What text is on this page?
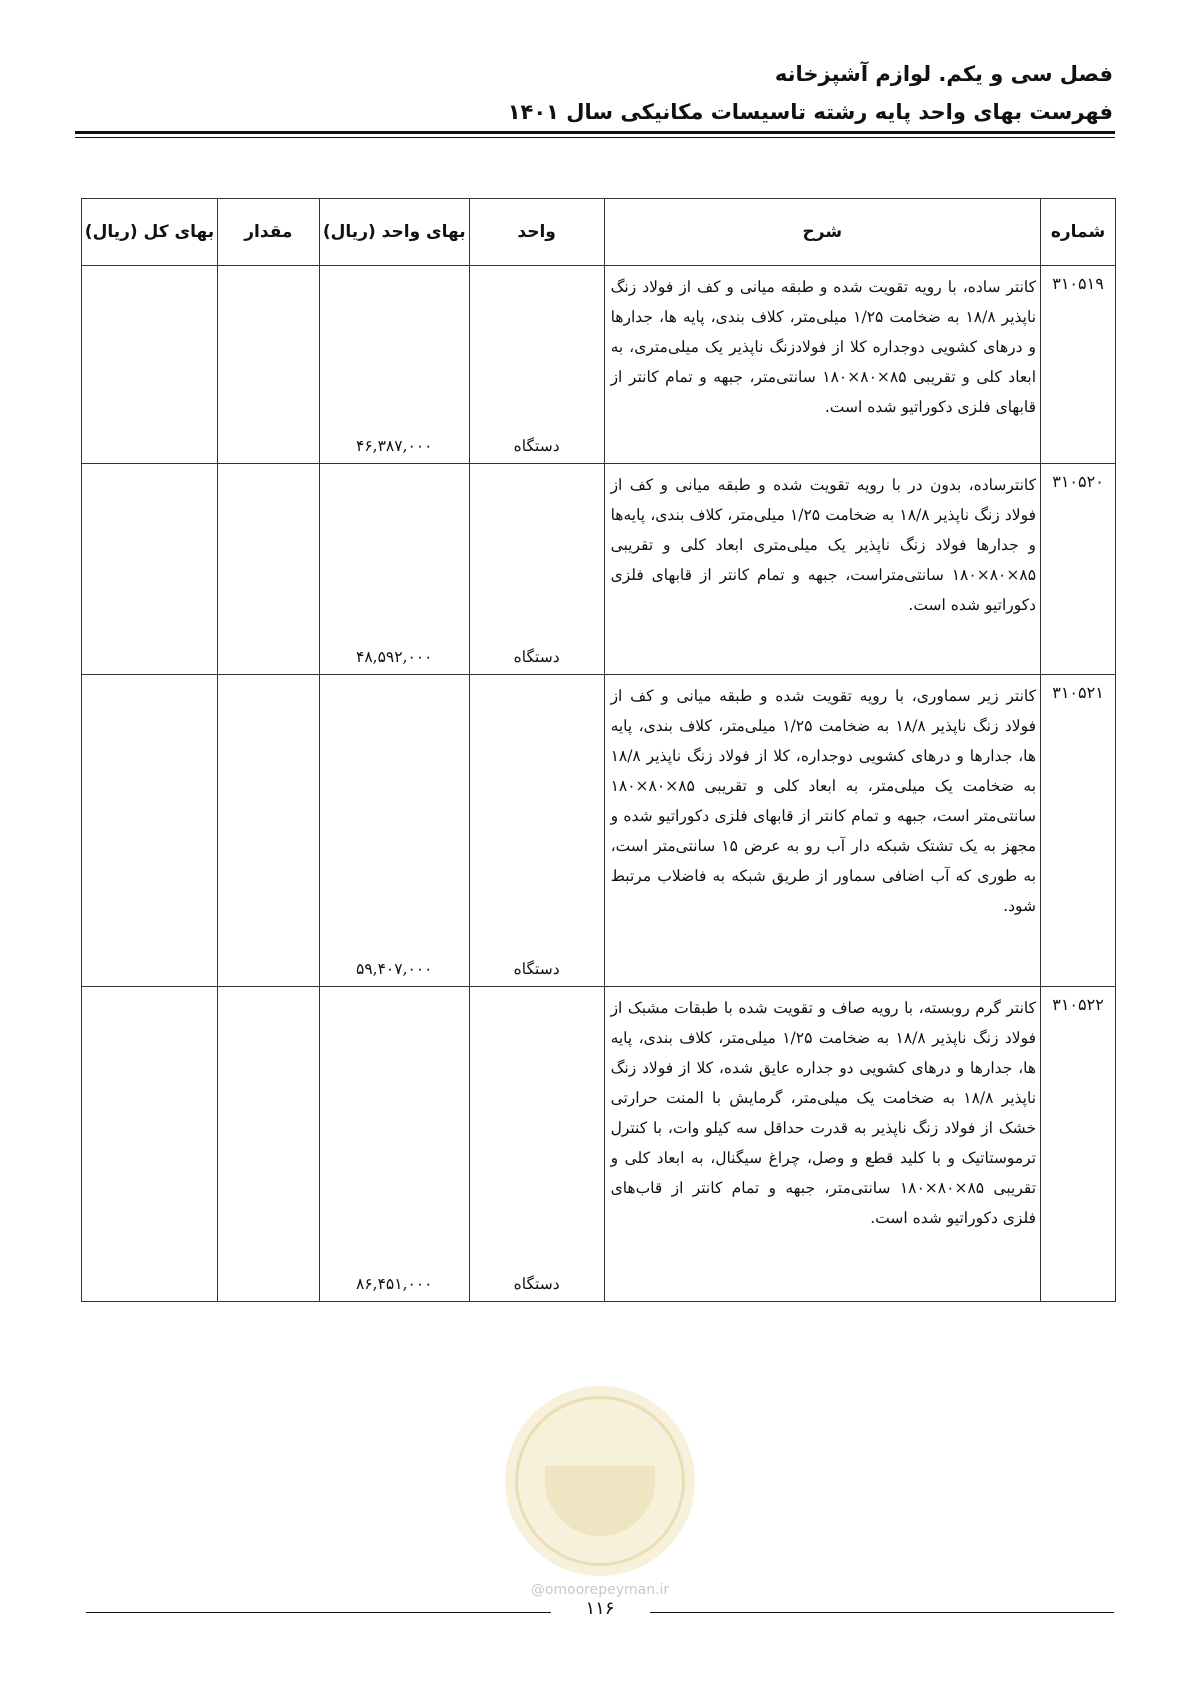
فصل سی و یکم. لوازم آشپزخانه
فهرست بهای واحد پایه رشته تاسیسات مکانیکی سال ۱۴۰۱
شماره	شرح	واحد	بهای واحد (ریال)	مقدار	بهای کل (ریال)
۳۱۰۵۱۹	کانتر ساده، با رویه تقویت شده و طبقه میانی و کف از فولاد زنگ ناپذیر ۱۸/۸ به ضخامت ۱/۲۵ میلی‌متر، کلاف بندی، پایه ها، جدارها و درهای کشویی دوجداره کلا از فولادزنگ ناپذیر یک میلی‌متری، به ابعاد کلی و تقریبی ۸۵×۸۰×۱۸۰ سانتی‌متر، جبهه و تمام کانتر از قابهای فلزی دکوراتیو شده است.	دستگاه	۴۶,۳۸۷,۰۰۰		
۳۱۰۵۲۰	کانترساده، بدون در با رویه تقویت شده و طبقه میانی و کف از فولاد زنگ ناپذیر ۱۸/۸ به ضخامت ۱/۲۵ میلی‌متر، کلاف بندی، پایه‌ها و جدارها فولاد زنگ ناپذیر یک میلی‌متری ابعاد کلی و تقریبی ۸۵×۸۰×۱۸۰ سانتی‌متراست، جبهه و تمام کانتر از قابهای فلزی دکوراتیو شده است.	دستگاه	۴۸,۵۹۲,۰۰۰		
۳۱۰۵۲۱	کانتر زیر سماوری، با رویه تقویت شده و طبقه میانی و کف از فولاد زنگ ناپذیر ۱۸/۸ به ضخامت ۱/۲۵ میلی‌متر، کلاف بندی، پایه ها، جدارها و درهای کشویی دوجداره، کلا از فولاد زنگ ناپذیر ۱۸/۸ به ضخامت یک میلی‌متر، به ابعاد کلی و تقریبی ۸۵×۸۰×۱۸۰ سانتی‌متر است، جبهه و تمام کانتر از قابهای فلزی دکوراتیو شده و مجهز به یک تشتک شبکه دار آب رو به عرض ۱۵ سانتی‌متر است، به طوری که آب اضافی سماور از طریق شبکه به فاضلاب مرتبط شود.	دستگاه	۵۹,۴۰۷,۰۰۰		
۳۱۰۵۲۲	کانتر گرم روبسته، با رویه صاف و تقویت شده با طبقات مشبک از فولاد زنگ ناپذیر ۱۸/۸ به ضخامت ۱/۲۵ میلی‌متر، کلاف بندی، پایه ها، جدارها و درهای کشویی دو جداره عایق شده، کلا از فولاد زنگ ناپذیر ۱۸/۸ به ضخامت یک میلی‌متر، گرمایش با المنت حرارتی خشک از فولاد زنگ ناپذیر به قدرت حداقل سه کیلو وات، با کنترل ترموستاتیک و با کلید قطع و وصل، چراغ سیگنال، به ابعاد کلی و تقریبی ۸۵×۸۰×۱۸۰ سانتی‌متر، جبهه و تمام کانتر از قاب‌های فلزی دکوراتیو شده است.	دستگاه	۸۶,۴۵۱,۰۰۰		
@omoorepeyman.ir
۱۱۶
